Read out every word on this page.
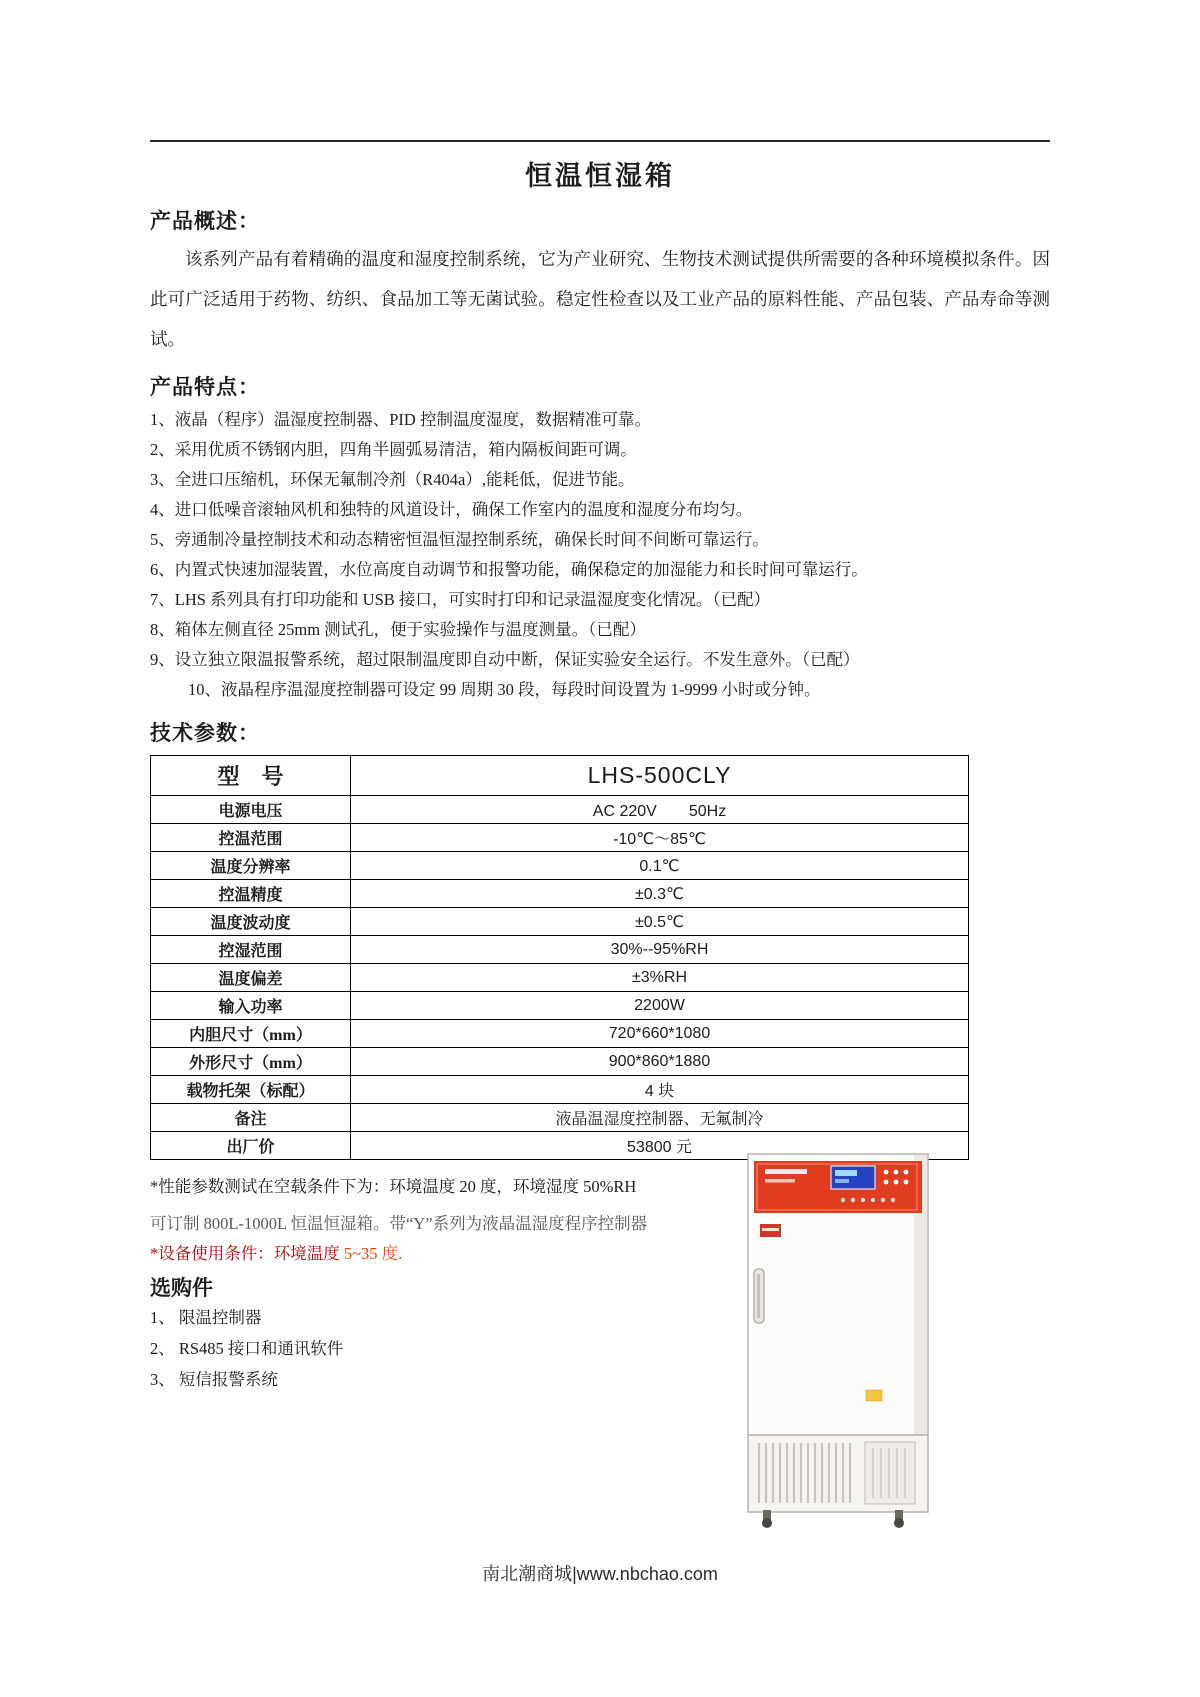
恒温恒湿箱
产品概述：

该系列产品有着精确的温度和湿度控制系统，它为产业研究、生物技术测试提供所需要的各种环境模拟条件。因此可广泛适用于药物、纺织、食品加工等无菌试验。稳定性检查以及工业产品的原料性能、产品包装、产品寿命等测试。

产品特点：

1、液晶（程序）温湿度控制器、PID 控制温度湿度，数据精准可靠。

2、采用优质不锈钢内胆，四角半圆弧易清洁，箱内隔板间距可调。

3、全进口压缩机，环保无氟制冷剂（R404a）,能耗低，促进节能。

4、进口低噪音滚轴风机和独特的风道设计，确保工作室内的温度和湿度分布均匀。

5、旁通制冷量控制技术和动态精密恒温恒湿控制系统，确保长时间不间断可靠运行。

6、内置式快速加湿装置，水位高度自动调节和报警功能，确保稳定的加湿能力和长时间可靠运行。

7、LHS 系列具有打印功能和 USB 接口，可实时打印和记录温湿度变化情况。（已配）

8、箱体左侧直径 25mm 测试孔，便于实验操作与温度测量。（已配）

9、设立独立限温报警系统，超过限制温度即自动中断，保证实验安全运行。不发生意外。（已配）

10、液晶程序温湿度控制器可设定 99 周期 30 段，每段时间设置为 1-9999 小时或分钟。

技术参数：
型　号	LHS-500CLY
电源电压	AC 220V　　50Hz
控温范围	-10℃～85℃
温度分辨率	0.1℃
控温精度	±0.3℃
温度波动度	±0.5℃
控湿范围	30%--95%RH
温度偏差	±3%RH
输入功率	2200W
内胆尺寸（mm）	720*660*1080
外形尺寸（mm）	900*860*1880
载物托架（标配）	4 块
备注	液晶温湿度控制器、无氟制冷
出厂价	53800 元

*性能参数测试在空载条件下为：环境温度 20 度，环境湿度 50%RH

可订制 800L-1000L 恒温恒湿箱。带“Y”系列为液晶温湿度程序控制器

*设备使用条件：环境温度 5~35 度.

选购件

1、 限温控制器

2、 RS485 接口和通讯软件

3、 短信报警系统

南北潮商城|www.nbchao.com
